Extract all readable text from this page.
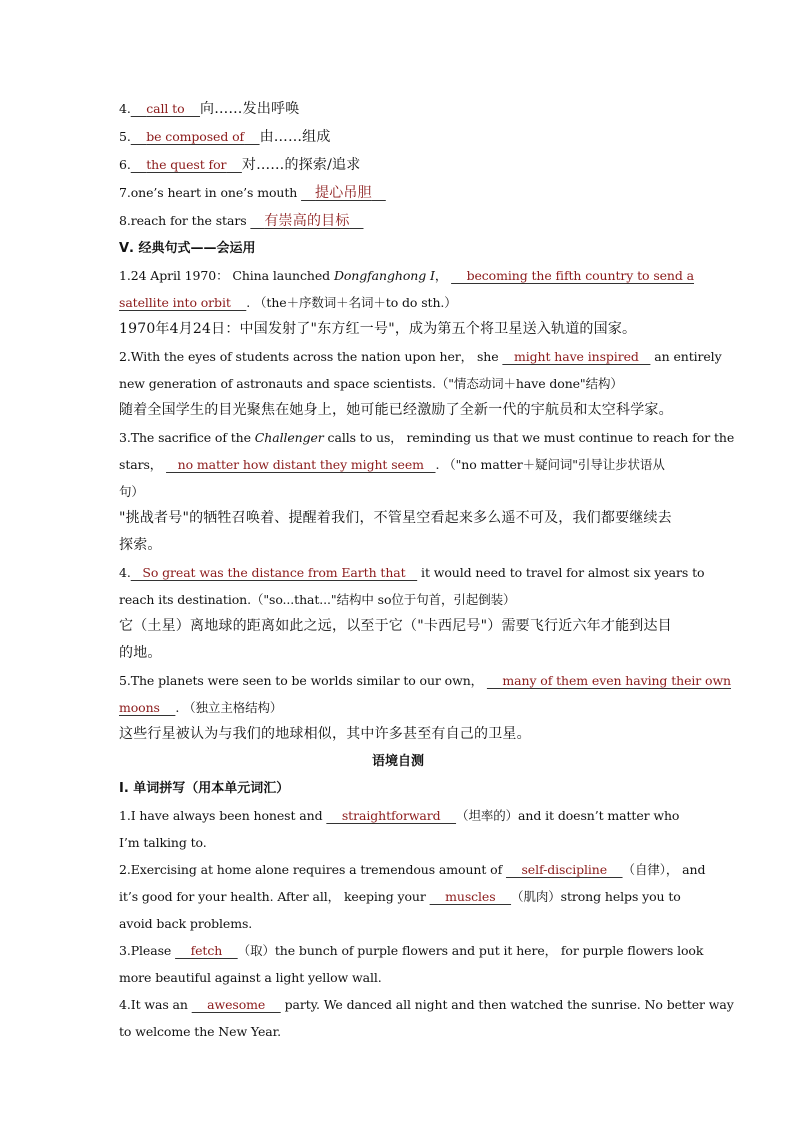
4. call to 向……发出呼唤
5. be composed of 由……组成
6. the quest for 对……的探索/追求
7.one’s heart in one’s mouth    提心吊胆
8.reach for the stars    有崇高的目标
Ⅴ. 经典句式——会运用
1.24 April 1970： China launched Dongfanghong Ⅰ，     becoming the fifth country to send a
satellite into orbit    . （the＋序数词＋名词＋to do sth.）
1970年4月24日：中国发射了"东方红一号"，成为第五个将卫星送入轨道的国家。
2.With the eyes of students across the nation upon her， she    might have inspired    an entirely
new generation of astronauts and space scientists.（"情态动词＋have done"结构）
随着全国学生的目光聚焦在她身上，她可能已经激励了全新一代的宇航员和太空科学家。
3.The sacrifice of the Challenger calls to us， reminding us that we must continue to reach for the
stars，    no matter how distant they might seem   . （"no matter＋疑问词"引导让步状语从
句）
"挑战者号"的牺牲召唤着、提醒着我们，不管星空看起来多么遥不可及，我们都要继续去探索。
4.   So great was the distance from Earth that    it would need to travel for almost six years to
reach its destination.（"so...that..."结构中 so位于句首，引起倒装）
它（土星）离地球的距离如此之远，以至于它（"卡西尼号"）需要飞行近六年才能到达目的地。
5.The planets were seen to be worlds similar to our own，     many of them even having their own
moons    . （独立主格结构）
这些行星被认为与我们的地球相似，其中许多甚至有自己的卫星。
语境自测
Ⅰ. 单词拼写（用本单元词汇）
1.I have always been honest and     straightforward    （坦率的）and it doesn’t matter who
I’m talking to.
2.Exercising at home alone requires a tremendous amount of     self-discipline    （自律）， and
it’s good for your health. After all， keeping your     muscles    （肌肉）strong helps you to
avoid back problems.
3.Please     fetch    （取）the bunch of purple flowers and put it here， for purple flowers look
more beautiful against a light yellow wall.
4.It was an     awesome     party. We danced all night and then watched the sunrise. No better way
to welcome the New Year.
